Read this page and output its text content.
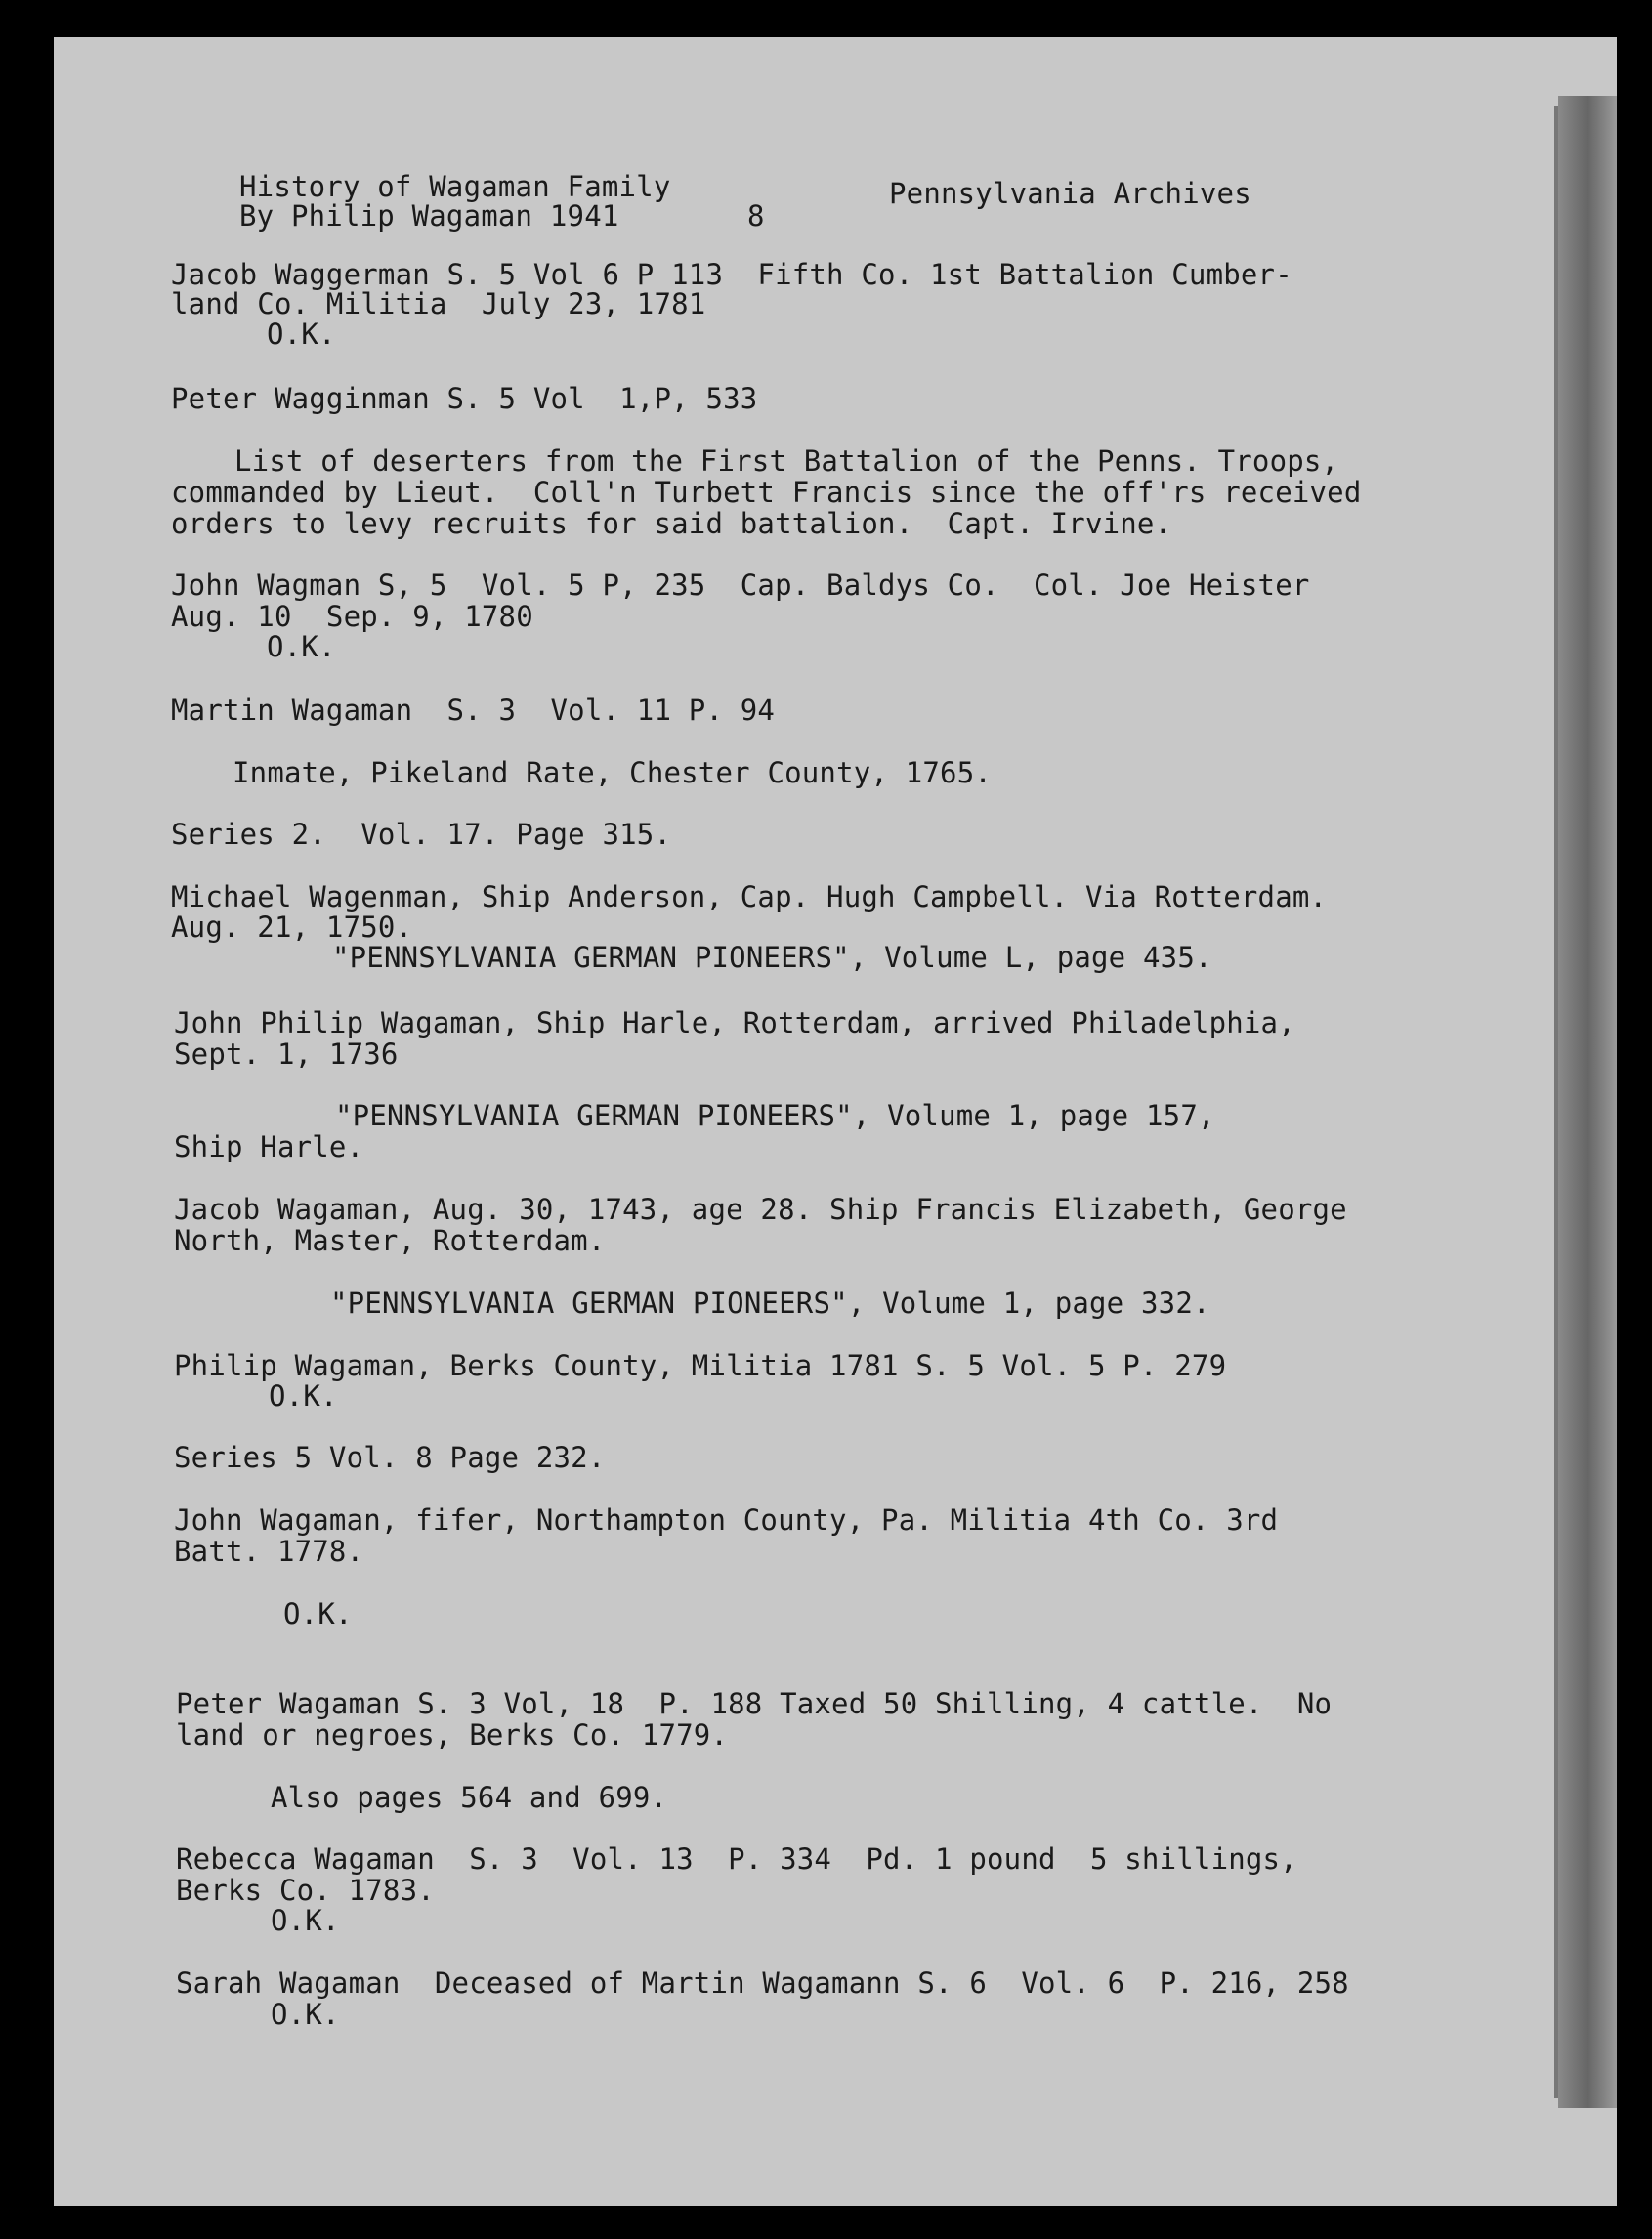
History of Wagaman Family
By Philip Wagaman 1941	8
Pennsylvania Archives
Jacob Waggerman S. 5 Vol 6 P 113  Fifth Co. 1st Battalion Cumber-
land Co. Militia  July 23, 1781
O.K.
Peter Wagginman S. 5 Vol  1,P, 533
List of deserters from the First Battalion of the Penns. Troops,
commanded by Lieut.  Coll'n Turbett Francis since the off'rs received
orders to levy recruits for said battalion.  Capt. Irvine.
John Wagman S, 5  Vol. 5 P, 235  Cap. Baldys Co.  Col. Joe Heister
Aug. 10  Sep. 9, 1780
O.K.
Martin Wagaman  S. 3  Vol. 11 P. 94
Inmate, Pikeland Rate, Chester County, 1765.
Series 2.  Vol. 17. Page 315.
Michael Wagenman, Ship Anderson, Cap. Hugh Campbell. Via Rotterdam.
Aug. 21, 1750.
"PENNSYLVANIA GERMAN PIONEERS", Volume L, page 435.
John Philip Wagaman, Ship Harle, Rotterdam, arrived Philadelphia,
Sept. 1, 1736
"PENNSYLVANIA GERMAN PIONEERS", Volume 1, page 157,
Ship Harle.
Jacob Wagaman, Aug. 30, 1743, age 28. Ship Francis Elizabeth, George
North, Master, Rotterdam.
"PENNSYLVANIA GERMAN PIONEERS", Volume 1, page 332.
Philip Wagaman, Berks County, Militia 1781 S. 5 Vol. 5 P. 279
O.K.
Series 5 Vol. 8 Page 232.
John Wagaman, fifer, Northampton County, Pa. Militia 4th Co. 3rd
Batt. 1778.
O.K.
Peter Wagaman S. 3 Vol, 18  P. 188 Taxed 50 Shilling, 4 cattle.  No
land or negroes, Berks Co. 1779.
Also pages 564 and 699.
Rebecca Wagaman  S. 3  Vol. 13  P. 334  Pd. 1 pound  5 shillings,
Berks Co. 1783.
O.K.
Sarah Wagaman  Deceased of Martin Wagamann S. 6  Vol. 6  P. 216, 258
O.K.
